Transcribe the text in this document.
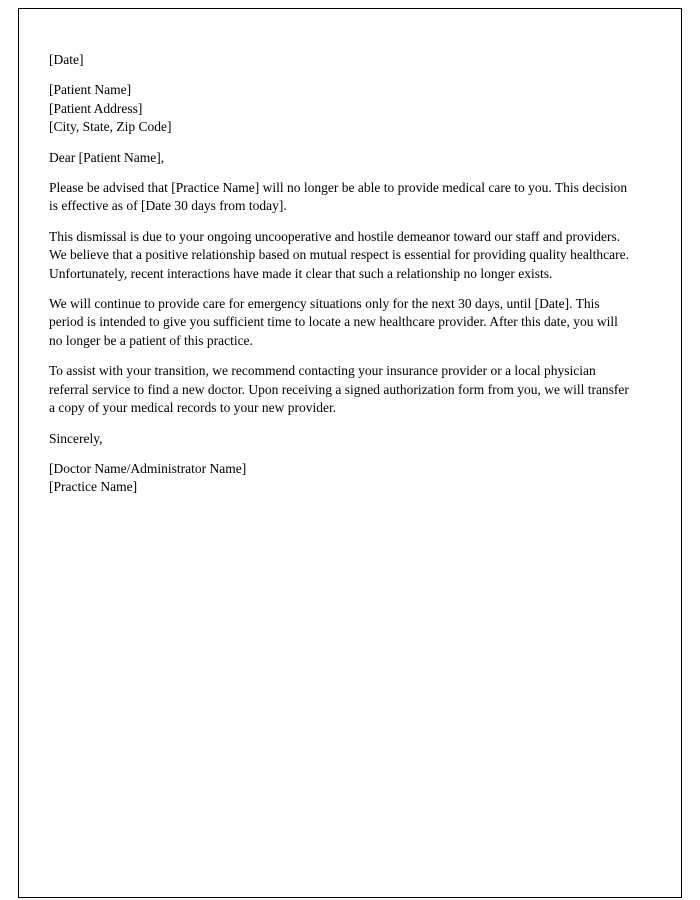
[Date]

[Patient Name]
[Patient Address]
[City, State, Zip Code]

Dear [Patient Name],

Please be advised that [Practice Name] will no longer be able to provide medical care to you. This decision is effective as of [Date 30 days from today].

This dismissal is due to your ongoing uncooperative and hostile demeanor toward our staff and providers. We believe that a positive relationship based on mutual respect is essential for providing quality healthcare. Unfortunately, recent interactions have made it clear that such a relationship no longer exists.

We will continue to provide care for emergency situations only for the next 30 days, until [Date]. This period is intended to give you sufficient time to locate a new healthcare provider. After this date, you will no longer be a patient of this practice.

To assist with your transition, we recommend contacting your insurance provider or a local physician referral service to find a new doctor. Upon receiving a signed authorization form from you, we will transfer a copy of your medical records to your new provider.

Sincerely,

[Doctor Name/Administrator Name]
[Practice Name]
